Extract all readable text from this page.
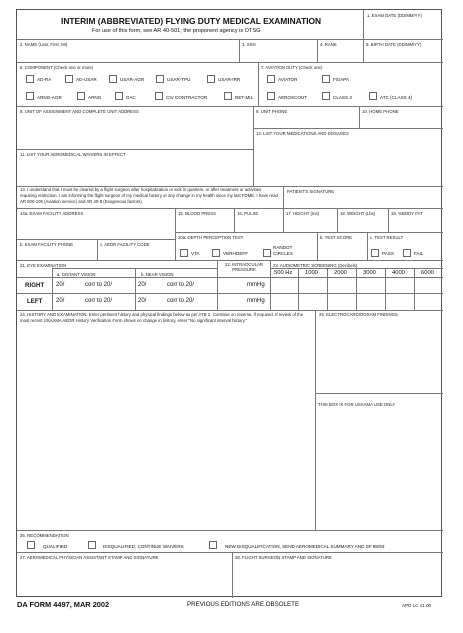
INTERIM (ABBREVIATED) FLYING DUTY MEDICAL EXAMINATION
For use of this form, see AR 40-501; the proponent agency is OTSG
1. EXAM DATE (DD/MM/YY)
2. NAME (Last, First, MI)	3. SSN	4. RANK	5. BIRTH DATE (DD/MM/YY)
6. COMPONENT (Check one or more)
AD-RA	AD-USAR	USAR-AGR	USAR-TPU	USAR-IRR
ARNG-AGR	ARNG	DAC	CIV CONTRACTOR	RET-MIL
7. AVIATION DUTY (Check one)
AVIATOR	FS/APA
AEROSCOUT	CLASS 3	ATC (CLASS 4)
8. UNIT OF ASSIGNMENT AND COMPLETE UNIT ADDRESS	9. UNIT PHONE	10. HOME PHONE
12. LIST YOUR MEDICATIONS AND DOSAGES
11. LIST YOUR AEROMEDICAL WAIVERS IN EFFECT
13. I understand that I must be cleared by a flight surgeon after hospitalization or sick in quarters, or after treatment or activities requiring restriction. I am informing the flight surgeon of my medical history or any change in my health since my last FDME. I have read AR 600-105 (Aviation service) and AR 40-8 (Exogenous factors).
PATIENT'S SIGNATURE
14a. EXAM FACILITY ADDRESS	15. BLOOD PRESS	16. PULSE	17. HEIGHT (Ins)	18. WEIGHT (Lbs)	19. %BODY FAT
b. EXAM FACILITY PHONE	c. AEDR FACILITY CODE
20a. DEPTH PERCEPTION TEST
VTA	VERHOEFF
RANDOT CIRCLES
b. TEST SCORE	c. TEST RESULT
PASS	FAIL
21. EYE EXAMINATION
a. DISTANT VISION	b. NEAR VISION
22. INTRAOCULAR PRESSURE
23. AUDIOMETRIC SCREENING (Decibels)
500 Hz 1000	2000	3000	4000	6000
RIGHT 20/	corr to 20/	20/	corr to 20/	mmHg
LEFT 20/	corr to 20/	20/	corr to 20/	mmHg
24. HISTORY AND EXAMINATION. Enter pertinent history and physical findings below as per ATB 2. Continue on reverse, if required. If review of the most recent USAAMA AEDR History Verification Form shows no change in history, enter "No significant interval history."
25. ELECTROCARDIOGRAM FINDINGS
THIS BOX IS FOR USAAMA USE ONLY
26. RECOMMENDATION
QUALIFIED	DISQUALIFIED, CONTINUE WAIVERS	NEW DISQUALIFICATION, SEND AEROMEDICAL SUMMARY AND SF 88/93
27. AEROMEDICAL PHYSICIAN ASSISTANT STAMP AND SIGNATURE	28. FLIGHT SURGEON STAMP AND SIGNATURE
DA FORM 4497, MAR 2002	PREVIOUS EDITIONS ARE OBSOLETE	APD LC v1.00
